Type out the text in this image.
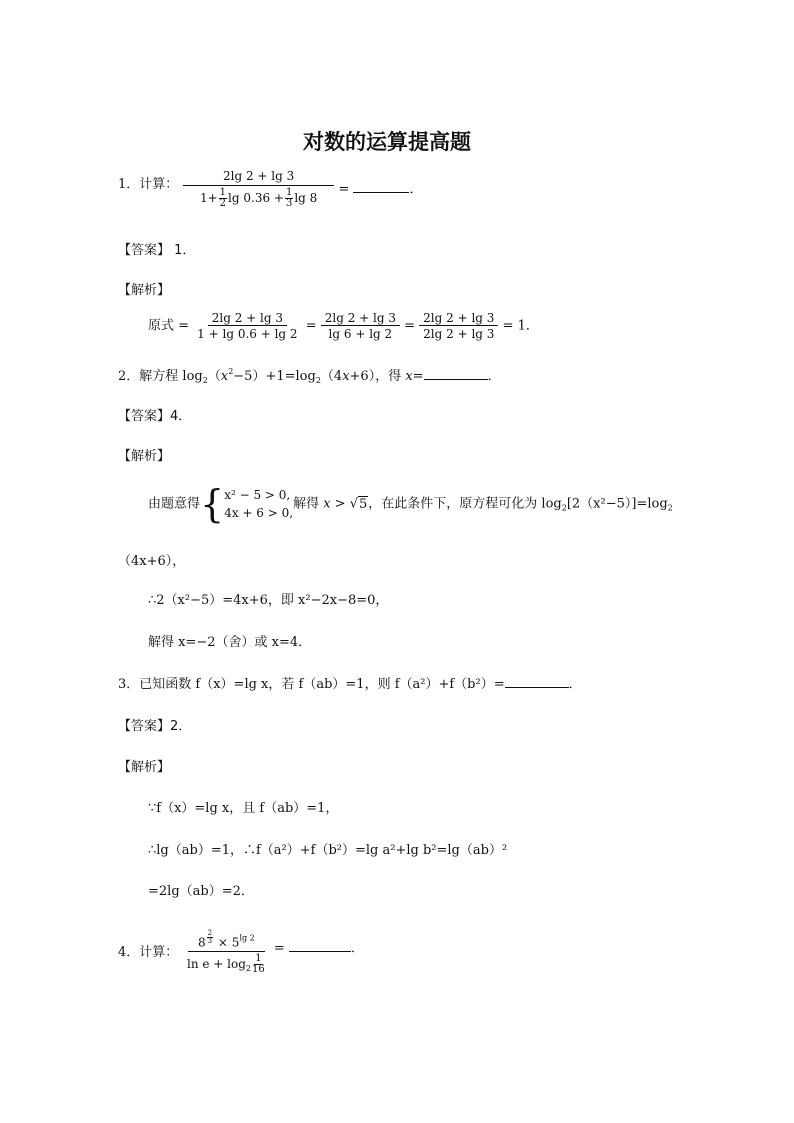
对数的运算提高题
1．计算： $\frac{2\lg 2 + \lg 3}{1+ \frac{1}{2} \lg 0.36 + \frac{1}{3} \lg 8}$ =	．
【答案】 1．
【解析】
原式 = $\frac{2\lg 2 + \lg 3}{1 + \lg 0.6 + \lg 2} = \frac{2\lg 2 + \lg 3}{\lg 6 + \lg 2} = \frac{2\lg 2 + \lg 3}{2\lg 2 + \lg 3} = 1$．
2．解方程 $\log_2(x^2-5)+1=\log_2(4x+6)$，得 x=	．
【答案】4．
【解析】
由题意得{ x² − 5 > 0,
4x + 6 > 0,
解得 x > √5，在此条件下，原方程可化为 $\log_2[2(x^2-5)]=\log_2$
（4x+6），
∴2（x²−5）=4x+6，即 x²−2x−8=0，
解得 x=−2（舍）或 x=4．
3．已知函数 f（x）=lg x，若 f（ab）=1，则 f（a²）+f（b²）=	．
【答案】2．
【解析】
∵f（x）=lg x，且 f（ab）=1，
∴lg（ab）=1，∴f（a²）+f（b²）=lg a²+lg b²=lg（ab）²
=2lg（ab）=2．
4．计算： 8 $^{\frac{2}{3}} \times 5^{lg 2}$
$\ln e + \log_2 \frac{1}{16}$ =	．
